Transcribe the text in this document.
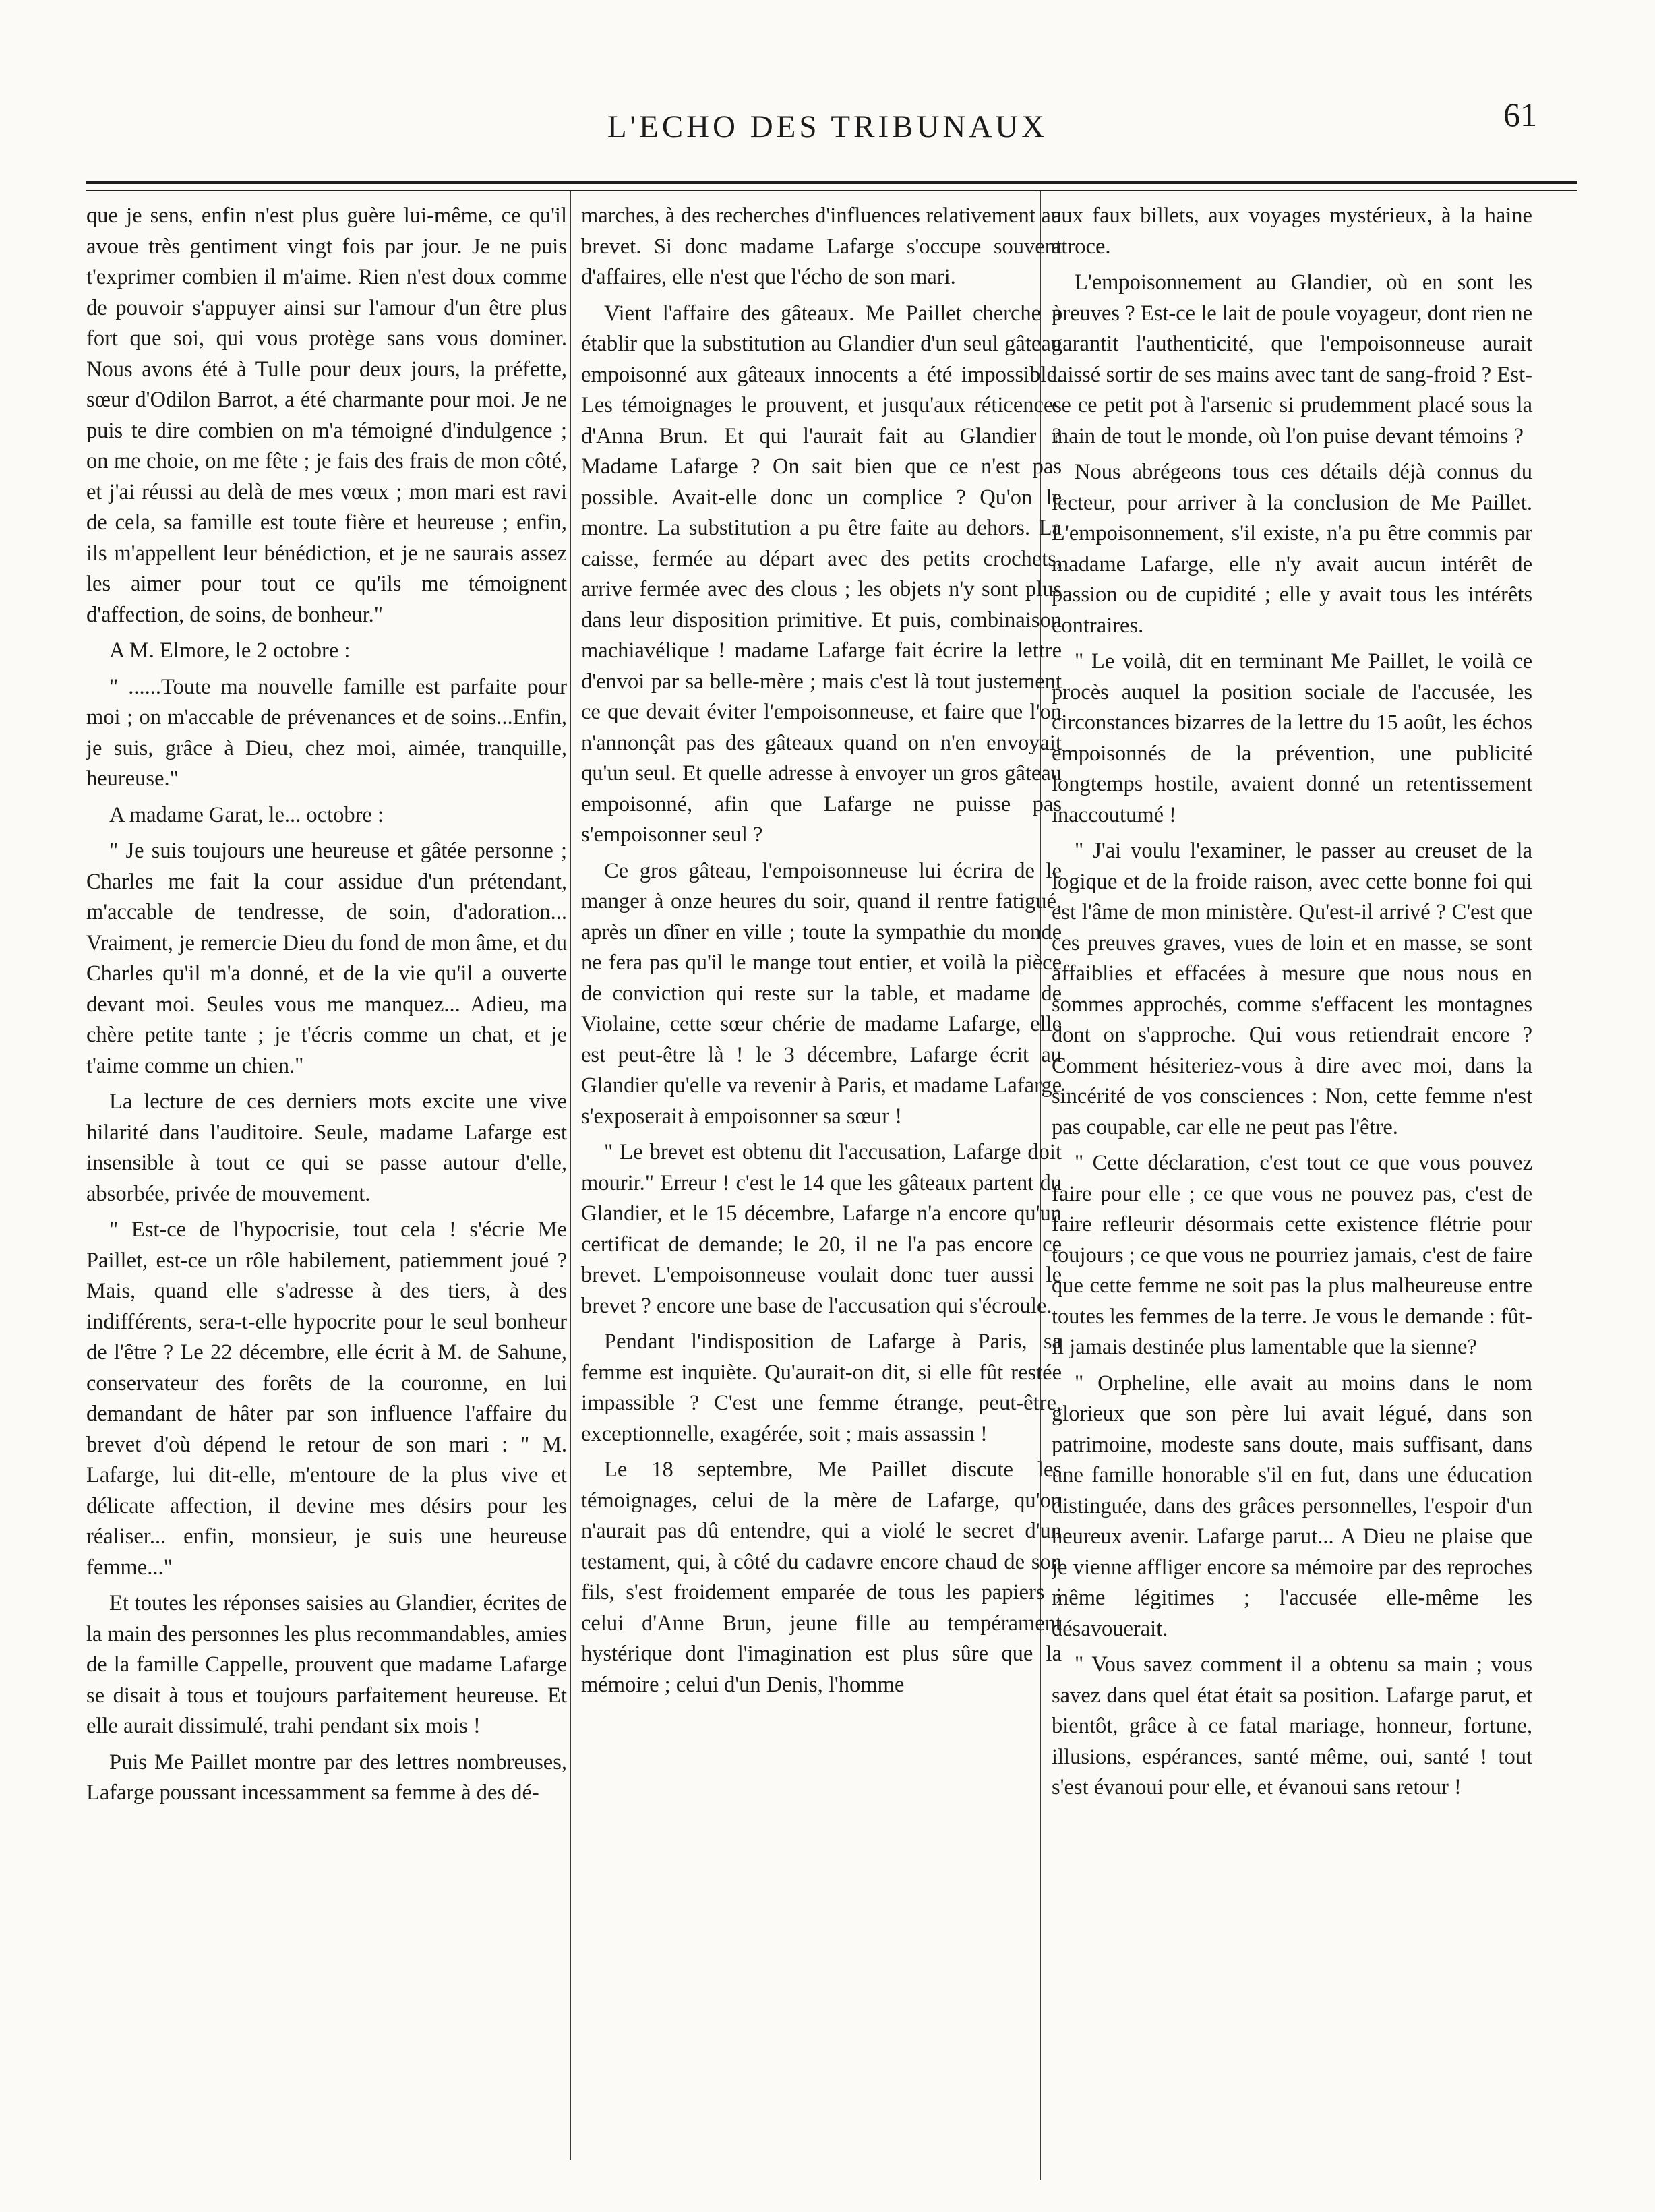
L'ECHO DES TRIBUNAUX	61

que je sens, enfin n'est plus guère lui-même, ce qu'il avoue très gentiment vingt fois par jour. Je ne puis t'exprimer combien il m'aime. Rien n'est doux comme de pouvoir s'appuyer ainsi sur l'amour d'un être plus fort que soi, qui vous protège sans vous dominer. Nous avons été à Tulle pour deux jours, la préfette, sœur d'Odilon Barrot, a été charmante pour moi. Je ne puis te dire combien on m'a témoigné d'indulgence ; on me choie, on me fête ; je fais des frais de mon côté, et j'ai réussi au delà de mes vœux ; mon mari est ravi de cela, sa famille est toute fière et heureuse ; enfin, ils m'appellent leur bénédiction, et je ne saurais assez les aimer pour tout ce qu'ils me témoignent d'affection, de soins, de bonheur."

A M. Elmore, le 2 octobre :

" ......Toute ma nouvelle famille est parfaite pour moi ; on m'accable de prévenances et de soins...Enfin, je suis, grâce à Dieu, chez moi, aimée, tranquille, heureuse."

A madame Garat, le... octobre :

" Je suis toujours une heureuse et gâtée personne ; Charles me fait la cour assidue d'un prétendant, m'accable de tendresse, de soin, d'adoration... Vraiment, je remercie Dieu du fond de mon âme, et du Charles qu'il m'a donné, et de la vie qu'il a ouverte devant moi. Seules vous me manquez... Adieu, ma chère petite tante ; je t'écris comme un chat, et je t'aime comme un chien."

La lecture de ces derniers mots excite une vive hilarité dans l'auditoire. Seule, madame Lafarge est insensible à tout ce qui se passe autour d'elle, absorbée, privée de mouvement.

" Est-ce de l'hypocrisie, tout cela ! s'écrie Me Paillet, est-ce un rôle habilement, patiemment joué ? Mais, quand elle s'adresse à des tiers, à des indifférents, sera-t-elle hypocrite pour le seul bonheur de l'être ? Le 22 décembre, elle écrit à M. de Sahune, conservateur des forêts de la couronne, en lui demandant de hâter par son influence l'affaire du brevet d'où dépend le retour de son mari : " M. Lafarge, lui dit-elle, m'entoure de la plus vive et délicate affection, il devine mes désirs pour les réaliser... enfin, monsieur, je suis une heureuse femme..."

Et toutes les réponses saisies au Glandier, écrites de la main des personnes les plus recommandables, amies de la famille Cappelle, prouvent que madame Lafarge se disait à tous et toujours parfaitement heureuse. Et elle aurait dissimulé, trahi pendant six mois !

Puis Me Paillet montre par des lettres nombreuses, Lafarge poussant incessamment sa femme à des dé-

marches, à des recherches d'influences relativement au brevet. Si donc madame Lafarge s'occupe souvent d'affaires, elle n'est que l'écho de son mari.

Vient l'affaire des gâteaux. Me Paillet cherche à établir que la substitution au Glandier d'un seul gâteau empoisonné aux gâteaux innocents a été impossible. Les témoignages le prouvent, et jusqu'aux réticences d'Anna Brun. Et qui l'aurait fait au Glandier ? Madame Lafarge ? On sait bien que ce n'est pas possible. Avait-elle donc un complice ? Qu'on le montre. La substitution a pu être faite au dehors. La caisse, fermée au départ avec des petits crochets, arrive fermée avec des clous ; les objets n'y sont plus dans leur disposition primitive. Et puis, combinaison machiavélique ! madame Lafarge fait écrire la lettre d'envoi par sa belle-mère ; mais c'est là tout justement ce que devait éviter l'empoisonneuse, et faire que l'on n'annonçât pas des gâteaux quand on n'en envoyait qu'un seul. Et quelle adresse à envoyer un gros gâteau empoisonné, afin que Lafarge ne puisse pas s'empoisonner seul ?

Ce gros gâteau, l'empoisonneuse lui écrira de le manger à onze heures du soir, quand il rentre fatigué, après un dîner en ville ; toute la sympathie du monde ne fera pas qu'il le mange tout entier, et voilà la pièce de conviction qui reste sur la table, et madame de Violaine, cette sœur chérie de madame Lafarge, elle est peut-être là ! le 3 décembre, Lafarge écrit au Glandier qu'elle va revenir à Paris, et madame Lafarge s'exposerait à empoisonner sa sœur !

" Le brevet est obtenu dit l'accusation, Lafarge doit mourir." Erreur ! c'est le 14 que les gâteaux partent du Glandier, et le 15 décembre, Lafarge n'a encore qu'un certificat de demande; le 20, il ne l'a pas encore ce brevet. L'empoisonneuse voulait donc tuer aussi le brevet ? encore une base de l'accusation qui s'écroule.

Pendant l'indisposition de Lafarge à Paris, sa femme est inquiète. Qu'aurait-on dit, si elle fût restée impassible ? C'est une femme étrange, peut-être, exceptionnelle, exagérée, soit ; mais assassin !

Le 18 septembre, Me Paillet discute les témoignages, celui de la mère de Lafarge, qu'on n'aurait pas dû entendre, qui a violé le secret d'un testament, qui, à côté du cadavre encore chaud de son fils, s'est froidement emparée de tous les papiers ; celui d'Anne Brun, jeune fille au tempérament hystérique dont l'imagination est plus sûre que la mémoire ; celui d'un Denis, l'homme

aux faux billets, aux voyages mystérieux, à la haine atroce.

L'empoisonnement au Glandier, où en sont les preuves ? Est-ce le lait de poule voyageur, dont rien ne garantit l'authenticité, que l'empoisonneuse aurait laissé sortir de ses mains avec tant de sang-froid ? Est-ce ce petit pot à l'arsenic si prudemment placé sous la main de tout le monde, où l'on puise devant témoins ?

Nous abrégeons tous ces détails déjà connus du lecteur, pour arriver à la conclusion de Me Paillet. L'empoisonnement, s'il existe, n'a pu être commis par madame Lafarge, elle n'y avait aucun intérêt de passion ou de cupidité ; elle y avait tous les intérêts contraires.

" Le voilà, dit en terminant Me Paillet, le voilà ce procès auquel la position sociale de l'accusée, les circonstances bizarres de la lettre du 15 août, les échos empoisonnés de la prévention, une publicité longtemps hostile, avaient donné un retentissement inaccoutumé !

" J'ai voulu l'examiner, le passer au creuset de la logique et de la froide raison, avec cette bonne foi qui est l'âme de mon ministère. Qu'est-il arrivé ? C'est que ces preuves graves, vues de loin et en masse, se sont affaiblies et effacées à mesure que nous nous en sommes approchés, comme s'effacent les montagnes dont on s'approche. Qui vous retiendrait encore ? Comment hésiteriez-vous à dire avec moi, dans la sincérité de vos consciences : Non, cette femme n'est pas coupable, car elle ne peut pas l'être.

" Cette déclaration, c'est tout ce que vous pouvez faire pour elle ; ce que vous ne pouvez pas, c'est de faire refleurir désormais cette existence flétrie pour toujours ; ce que vous ne pourriez jamais, c'est de faire que cette femme ne soit pas la plus malheureuse entre toutes les femmes de la terre. Je vous le demande : fût-il jamais destinée plus lamentable que la sienne?

" Orpheline, elle avait au moins dans le nom glorieux que son père lui avait légué, dans son patrimoine, modeste sans doute, mais suffisant, dans une famille honorable s'il en fut, dans une éducation distinguée, dans des grâces personnelles, l'espoir d'un heureux avenir. Lafarge parut... A Dieu ne plaise que je vienne affliger encore sa mémoire par des reproches même légitimes ; l'accusée elle-même les désavouerait.

" Vous savez comment il a obtenu sa main ; vous savez dans quel état était sa position. Lafarge parut, et bientôt, grâce à ce fatal mariage, honneur, fortune, illusions, espérances, santé même, oui, santé ! tout s'est évanoui pour elle, et évanoui sans retour !
